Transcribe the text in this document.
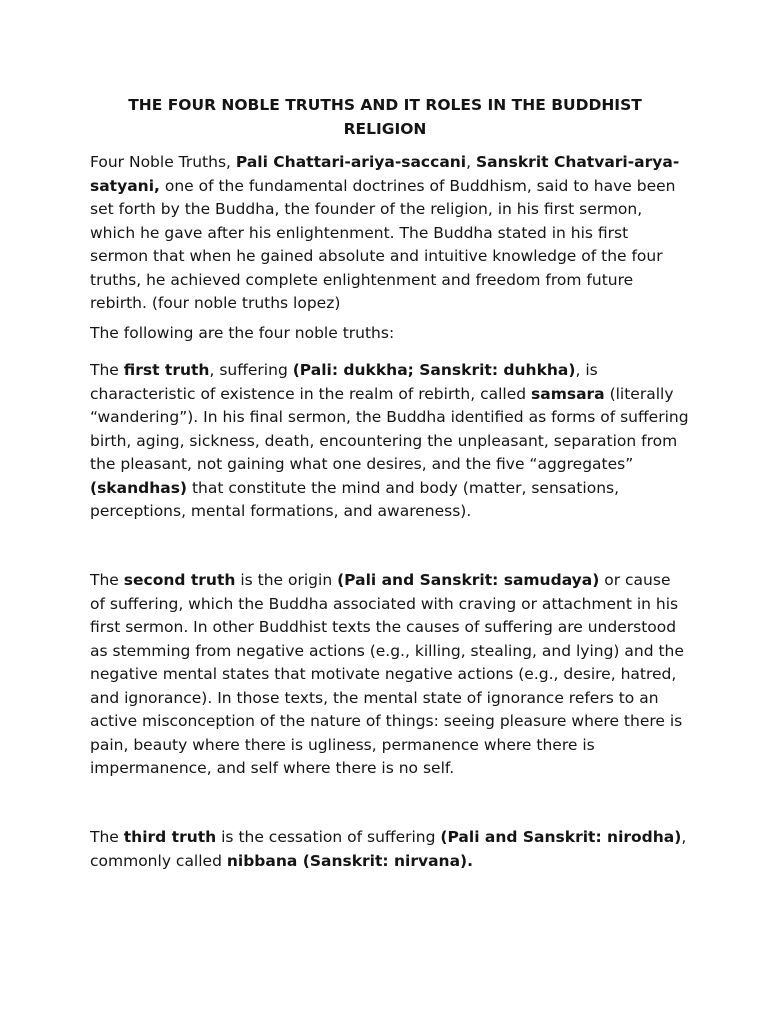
THE FOUR NOBLE TRUTHS AND IT ROLES IN THE BUDDHIST
RELIGION

Four Noble Truths, Pali Chattari-ariya-saccani, Sanskrit Chatvari-arya-satyani, one of the fundamental doctrines of Buddhism, said to have been set forth by the Buddha, the founder of the religion, in his first sermon, which he gave after his enlightenment. The Buddha stated in his first sermon that when he gained absolute and intuitive knowledge of the four truths, he achieved complete enlightenment and freedom from future rebirth. (four noble truths lopez)

The following are the four noble truths:

The first truth, suffering (Pali: dukkha; Sanskrit: duhkha), is characteristic of existence in the realm of rebirth, called samsara (literally “wandering”). In his final sermon, the Buddha identified as forms of suffering birth, aging, sickness, death, encountering the unpleasant, separation from the pleasant, not gaining what one desires, and the five “aggregates” (skandhas) that constitute the mind and body (matter, sensations, perceptions, mental formations, and awareness).

The second truth is the origin (Pali and Sanskrit: samudaya) or cause of suffering, which the Buddha associated with craving or attachment in his first sermon. In other Buddhist texts the causes of suffering are understood as stemming from negative actions (e.g., killing, stealing, and lying) and the negative mental states that motivate negative actions (e.g., desire, hatred, and ignorance). In those texts, the mental state of ignorance refers to an active misconception of the nature of things: seeing pleasure where there is pain, beauty where there is ugliness, permanence where there is impermanence, and self where there is no self.

The third truth is the cessation of suffering (Pali and Sanskrit: nirodha), commonly called nibbana (Sanskrit: nirvana).
